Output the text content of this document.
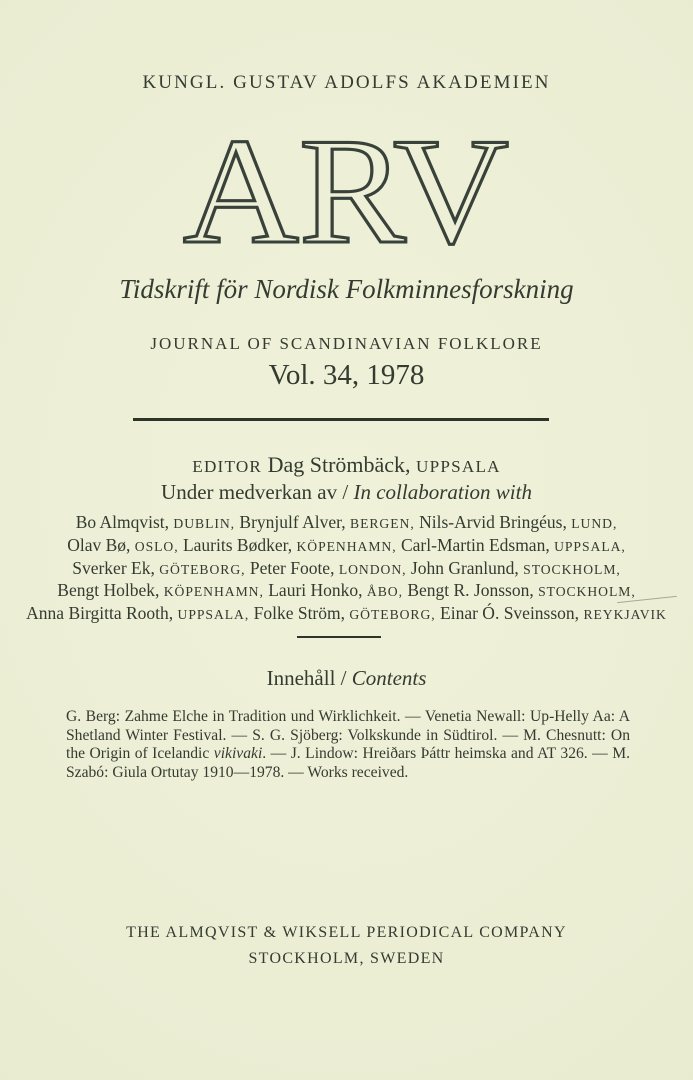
KUNGL. GUSTAV ADOLFS AKADEMIEN
ARV
Tidskrift för Nordisk Folkminnesforskning
JOURNAL OF SCANDINAVIAN FOLKLORE
Vol. 34, 1978
EDITOR Dag Strömbäck, UPPSALA
Under medverkan av / In collaboration with
Bo Almqvist, DUBLIN, Brynjulf Alver, BERGEN, Nils-Arvid Bringéus, LUND,
Olav Bø, OSLO, Laurits Bødker, KÖPENHAMN, Carl-Martin Edsman, UPPSALA,
Sverker Ek, GÖTEBORG, Peter Foote, LONDON, John Granlund, STOCKHOLM,
Bengt Holbek, KÖPENHAMN, Lauri Honko, ÅBO, Bengt R. Jonsson, STOCKHOLM,
Anna Birgitta Rooth, UPPSALA, Folke Ström, GÖTEBORG, Einar Ó. Sveinsson, REYKJAVIK
Innehåll / Contents
G. Berg: Zahme Elche in Tradition und Wirklichkeit. — Venetia Newall: Up-Helly Aa: A Shetland Winter Festival. — S. G. Sjöberg: Volkskunde in Südtirol. — M. Chesnutt: On the Origin of Icelandic vikivaki. — J. Lindow: Hreiðars Þáttr heimska and AT 326. — M. Szabó: Giula Ortutay 1910—1978. — Works received.
THE ALMQVIST & WIKSELL PERIODICAL COMPANY
STOCKHOLM, SWEDEN
